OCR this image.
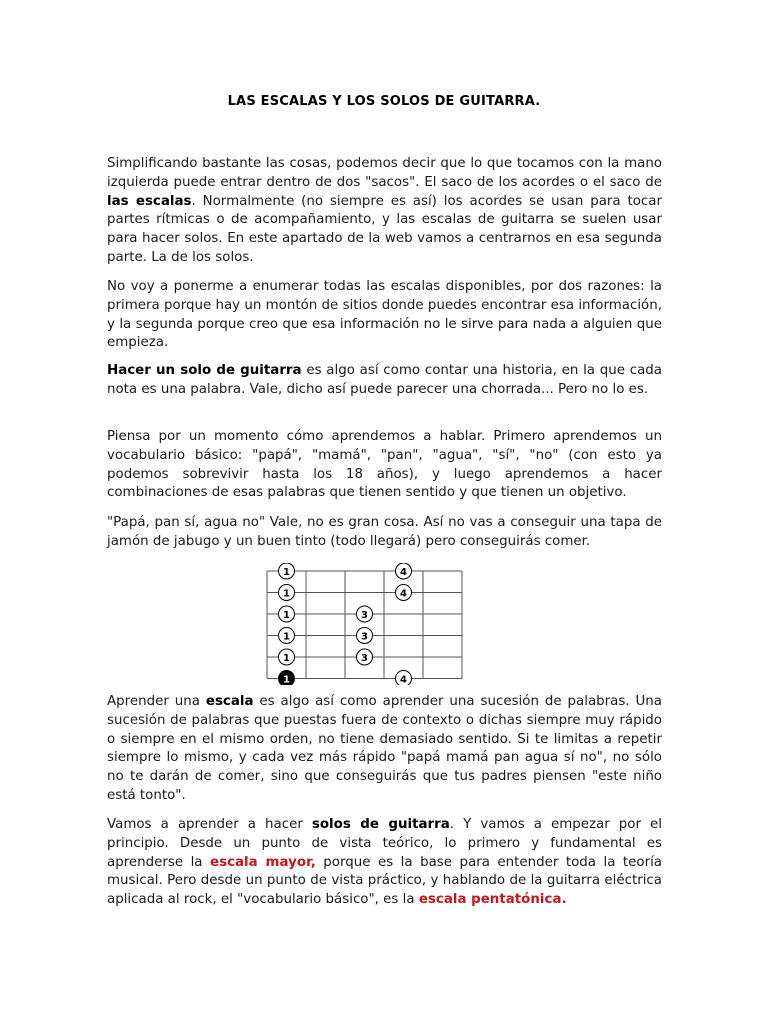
LAS ESCALAS Y LOS SOLOS DE GUITARRA.

Simplificando bastante las cosas, podemos decir que lo que tocamos con la mano izquierda puede entrar dentro de dos "sacos". El saco de los acordes o el saco de las escalas. Normalmente (no siempre es así) los acordes se usan para tocar partes rítmicas o de acompañamiento, y las escalas de guitarra se suelen usar para hacer solos. En este apartado de la web vamos a centrarnos en esa segunda parte. La de los solos.

No voy a ponerme a enumerar todas las escalas disponibles, por dos razones: la primera porque hay un montón de sitios donde puedes encontrar esa información, y la segunda porque creo que esa información no le sirve para nada a alguien que empieza.

Hacer un solo de guitarra es algo así como contar una historia, en la que cada nota es una palabra. Vale, dicho así puede parecer una chorrada... Pero no lo es.

Piensa por un momento cómo aprendemos a hablar. Primero aprendemos un vocabulario básico: "papá", "mamá", "pan", "agua", "sí", "no" (con esto ya podemos sobrevivir hasta los 18 años), y luego aprendemos a hacer combinaciones de esas palabras que tienen sentido y que tienen un objetivo.

"Papá, pan sí, agua no" Vale, no es gran cosa. Así no vas a conseguir una tapa de jamón de jabugo y un buen tinto (todo llegará) pero conseguirás comer.

1	4
1	4
1	3
1	3
1	3
1	4

Aprender una escala es algo así como aprender una sucesión de palabras. Una sucesión de palabras que puestas fuera de contexto o dichas siempre muy rápido o siempre en el mismo orden, no tiene demasiado sentido. Si te limitas a repetir siempre lo mismo, y cada vez más rápido "papá mamá pan agua sí no", no sólo no te darán de comer, sino que conseguirás que tus padres piensen "este niño está tonto".

Vamos a aprender a hacer solos de guitarra. Y vamos a empezar por el principio. Desde un punto de vista teórico, lo primero y fundamental es aprenderse la escala mayor, porque es la base para entender toda la teoría musical. Pero desde un punto de vista práctico, y hablando de la guitarra eléctrica aplicada al rock, el "vocabulario básico", es la escala pentatónica.
